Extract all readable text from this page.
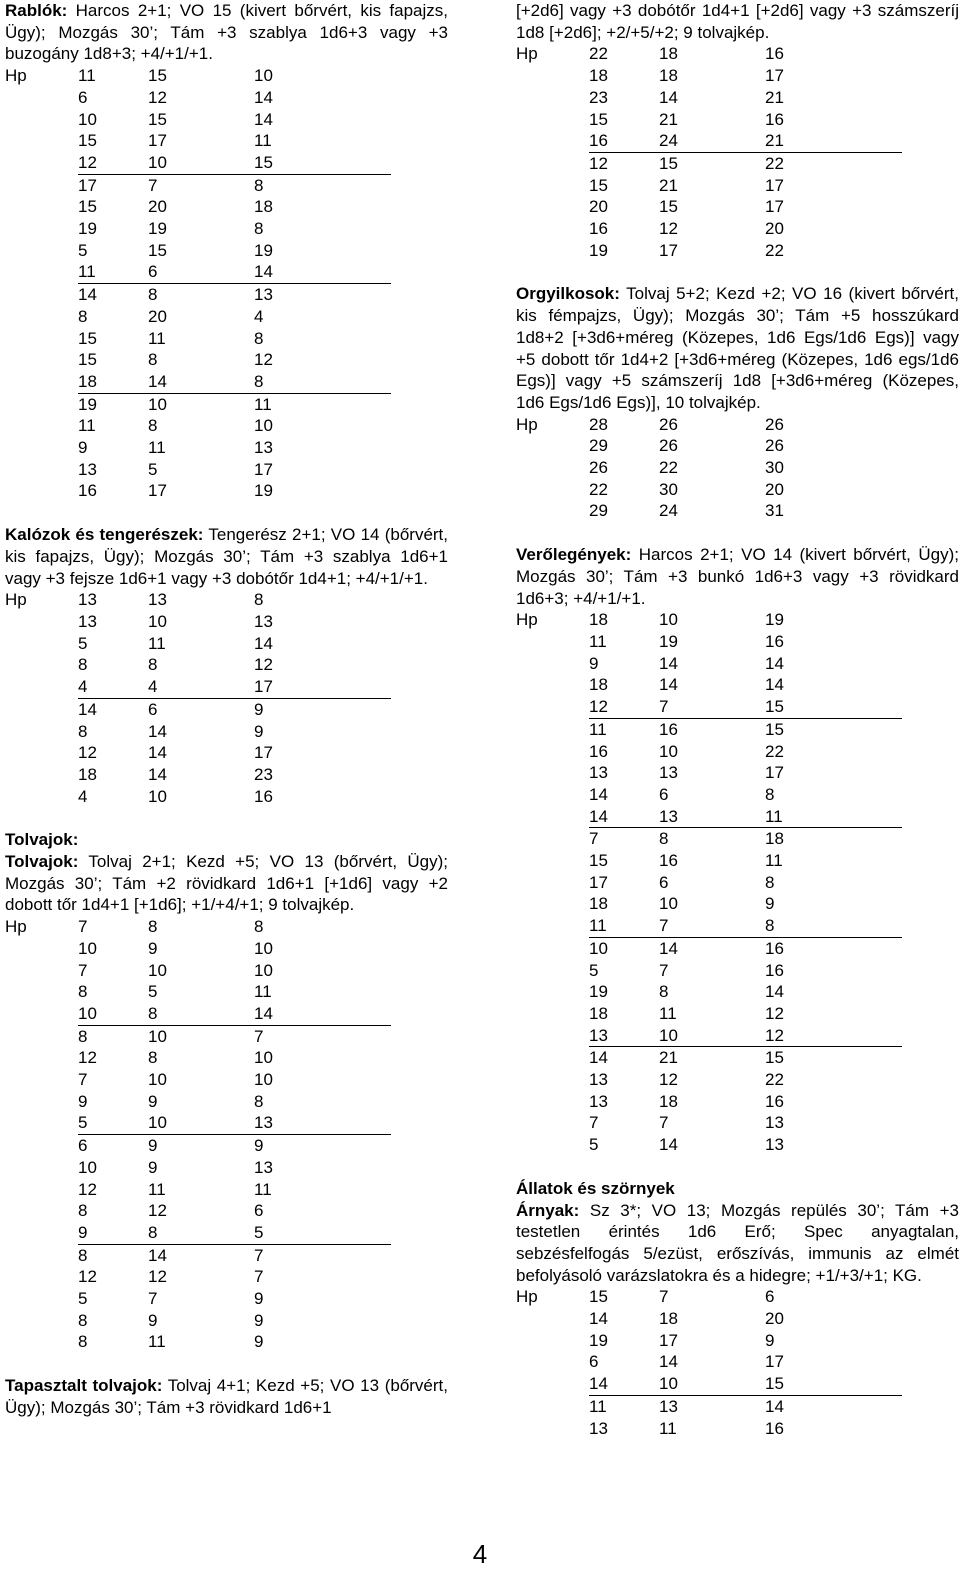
Rablók: Harcos 2+1; VO 15 (kivert bőrvért, kis fapajzs, Ügy); Mozgás 30’; Tám +3 szablya 1d6+3 vagy +3 buzogány 1d8+3; +4/+1/+1.

Hp	11	15	10
	6	12	14
	10	15	14
	15	17	11
	12	10	15
	17	7	8
	15	20	18
	19	19	8
	5	15	19
	11	6	14
	14	8	13
	8	20	4
	15	11	8
	15	8	12
	18	14	8
	19	10	11
	11	8	10
	9	11	13
	13	5	17
	16	17	19

Kalózok és tengerészek: Tengerész 2+1; VO 14 (bőrvért, kis fapajzs, Ügy); Mozgás 30’; Tám +3 szablya 1d6+1 vagy +3 fejsze 1d6+1 vagy +3 dobótőr 1d4+1; +4/+1/+1.

Hp	13	13	8
	13	10	13
	5	11	14
	8	8	12
	4	4	17
	14	6	9
	8	14	9
	12	14	17
	18	14	23
	4	10	16

Tolvajok:

Tolvajok: Tolvaj 2+1; Kezd +5; VO 13 (bőrvért, Ügy); Mozgás 30’; Tám +2 rövidkard 1d6+1 [+1d6] vagy +2 dobott tőr 1d4+1 [+1d6]; +1/+4/+1; 9 tolvajkép.

Hp	7	8	8
	10	9	10
	7	10	10
	8	5	11
	10	8	14
	8	10	7
	12	8	10
	7	10	10
	9	9	8
	5	10	13
	6	9	9
	10	9	13
	12	11	11
	8	12	6
	9	8	5
	8	14	7
	12	12	7
	5	7	9
	8	9	9
	8	11	9

Tapasztalt tolvajok: Tolvaj 4+1; Kezd +5; VO 13 (bőrvért, Ügy); Mozgás 30’; Tám +3 rövidkard 1d6+1

[+2d6] vagy +3 dobótőr 1d4+1 [+2d6] vagy +3 számszeríj 1d8 [+2d6]; +2/+5/+2; 9 tolvajkép.

Hp	22	18	16
	18	18	17
	23	14	21
	15	21	16
	16	24	21
	12	15	22
	15	21	17
	20	15	17
	16	12	20
	19	17	22

Orgyilkosok: Tolvaj 5+2; Kezd +2; VO 16 (kivert bőrvért, kis fémpajzs, Ügy); Mozgás 30’; Tám +5 hosszúkard 1d8+2 [+3d6+méreg (Közepes, 1d6 Egs/1d6 Egs)] vagy +5 dobott tőr 1d4+2 [+3d6+méreg (Közepes, 1d6 egs/1d6 Egs)] vagy +5 számszeríj 1d8 [+3d6+méreg (Közepes, 1d6 Egs/1d6 Egs)], 10 tolvajkép.

Hp	28	26	26
	29	26	26
	26	22	30
	22	30	20
	29	24	31

Verőlegények: Harcos 2+1; VO 14 (kivert bőrvért, Ügy); Mozgás 30’; Tám +3 bunkó 1d6+3 vagy +3 rövidkard 1d6+3; +4/+1/+1.

Hp	18	10	19
	11	19	16
	9	14	14
	18	14	14
	12	7	15
	11	16	15
	16	10	22
	13	13	17
	14	6	8
	14	13	11
	7	8	18
	15	16	11
	17	6	8
	18	10	9
	11	7	8
	10	14	16
	5	7	16
	19	8	14
	18	11	12
	13	10	12
	14	21	15
	13	12	22
	13	18	16
	7	7	13
	5	14	13

Állatok és szörnyek

Árnyak: Sz 3*; VO 13; Mozgás repülés 30’; Tám +3 testetlen érintés 1d6 Erő; Spec anyagtalan, sebzésfelfogás 5/ezüst, erőszívás, immunis az elmét befolyásoló varázslatokra és a hidegre; +1/+3/+1; KG.

Hp	15	7	6
	14	18	20
	19	17	9
	6	14	17
	14	10	15
	11	13	14
	13	11	16
4
